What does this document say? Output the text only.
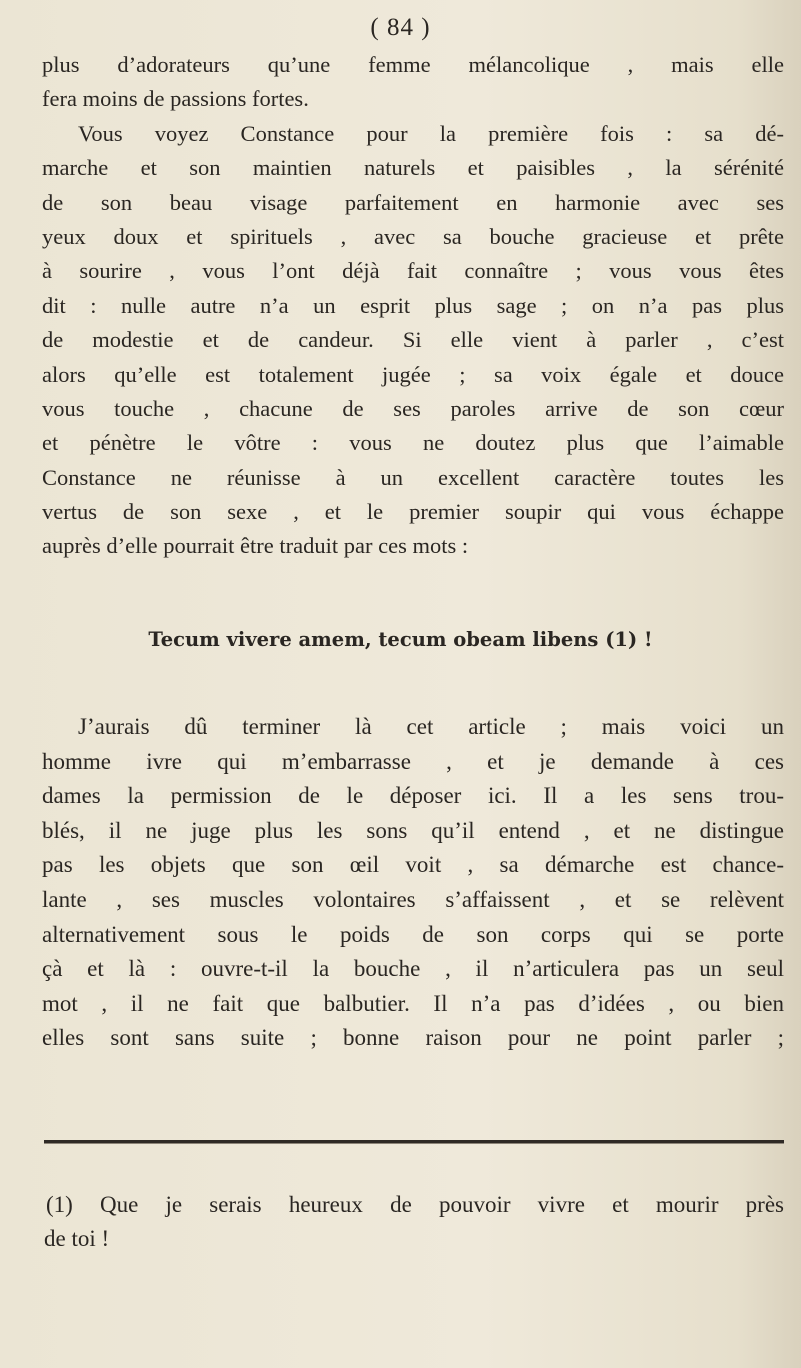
( 84 )
plus d’adorateurs qu’une femme mélancolique , mais elle
fera moins de passions fortes.
Vous voyez Constance pour la première fois : sa dé-
marche et son maintien naturels et paisibles , la sérénité
de son beau visage parfaitement en harmonie avec ses
yeux doux et spirituels , avec sa bouche gracieuse et prête
à sourire , vous l’ont déjà fait connaître ; vous vous êtes
dit : nulle autre n’a un esprit plus sage ; on n’a pas plus
de modestie et de candeur. Si elle vient à parler , c’est
alors qu’elle est totalement jugée ; sa voix égale et douce
vous touche , chacune de ses paroles arrive de son cœur
et pénètre le vôtre : vous ne doutez plus que l’aimable
Constance ne réunisse à un excellent caractère toutes les
vertus de son sexe , et le premier soupir qui vous échappe
auprès d’elle pourrait être traduit par ces mots :
Tecum vivere amem, tecum obeam libens (1) !
J’aurais dû terminer là cet article ; mais voici un
homme ivre qui m’embarrasse , et je demande à ces
dames la permission de le déposer ici. Il a les sens trou-
blés, il ne juge plus les sons qu’il entend , et ne distingue
pas les objets que son œil voit , sa démarche est chance-
lante , ses muscles volontaires s’affaissent , et se relèvent
alternativement sous le poids de son corps qui se porte
çà et là : ouvre-t-il la bouche , il n’articulera pas un seul
mot , il ne fait que balbutier. Il n’a pas d’idées , ou bien
elles sont sans suite ; bonne raison pour ne point parler ;
(1) Que je serais heureux de pouvoir vivre et mourir près
de toi !
